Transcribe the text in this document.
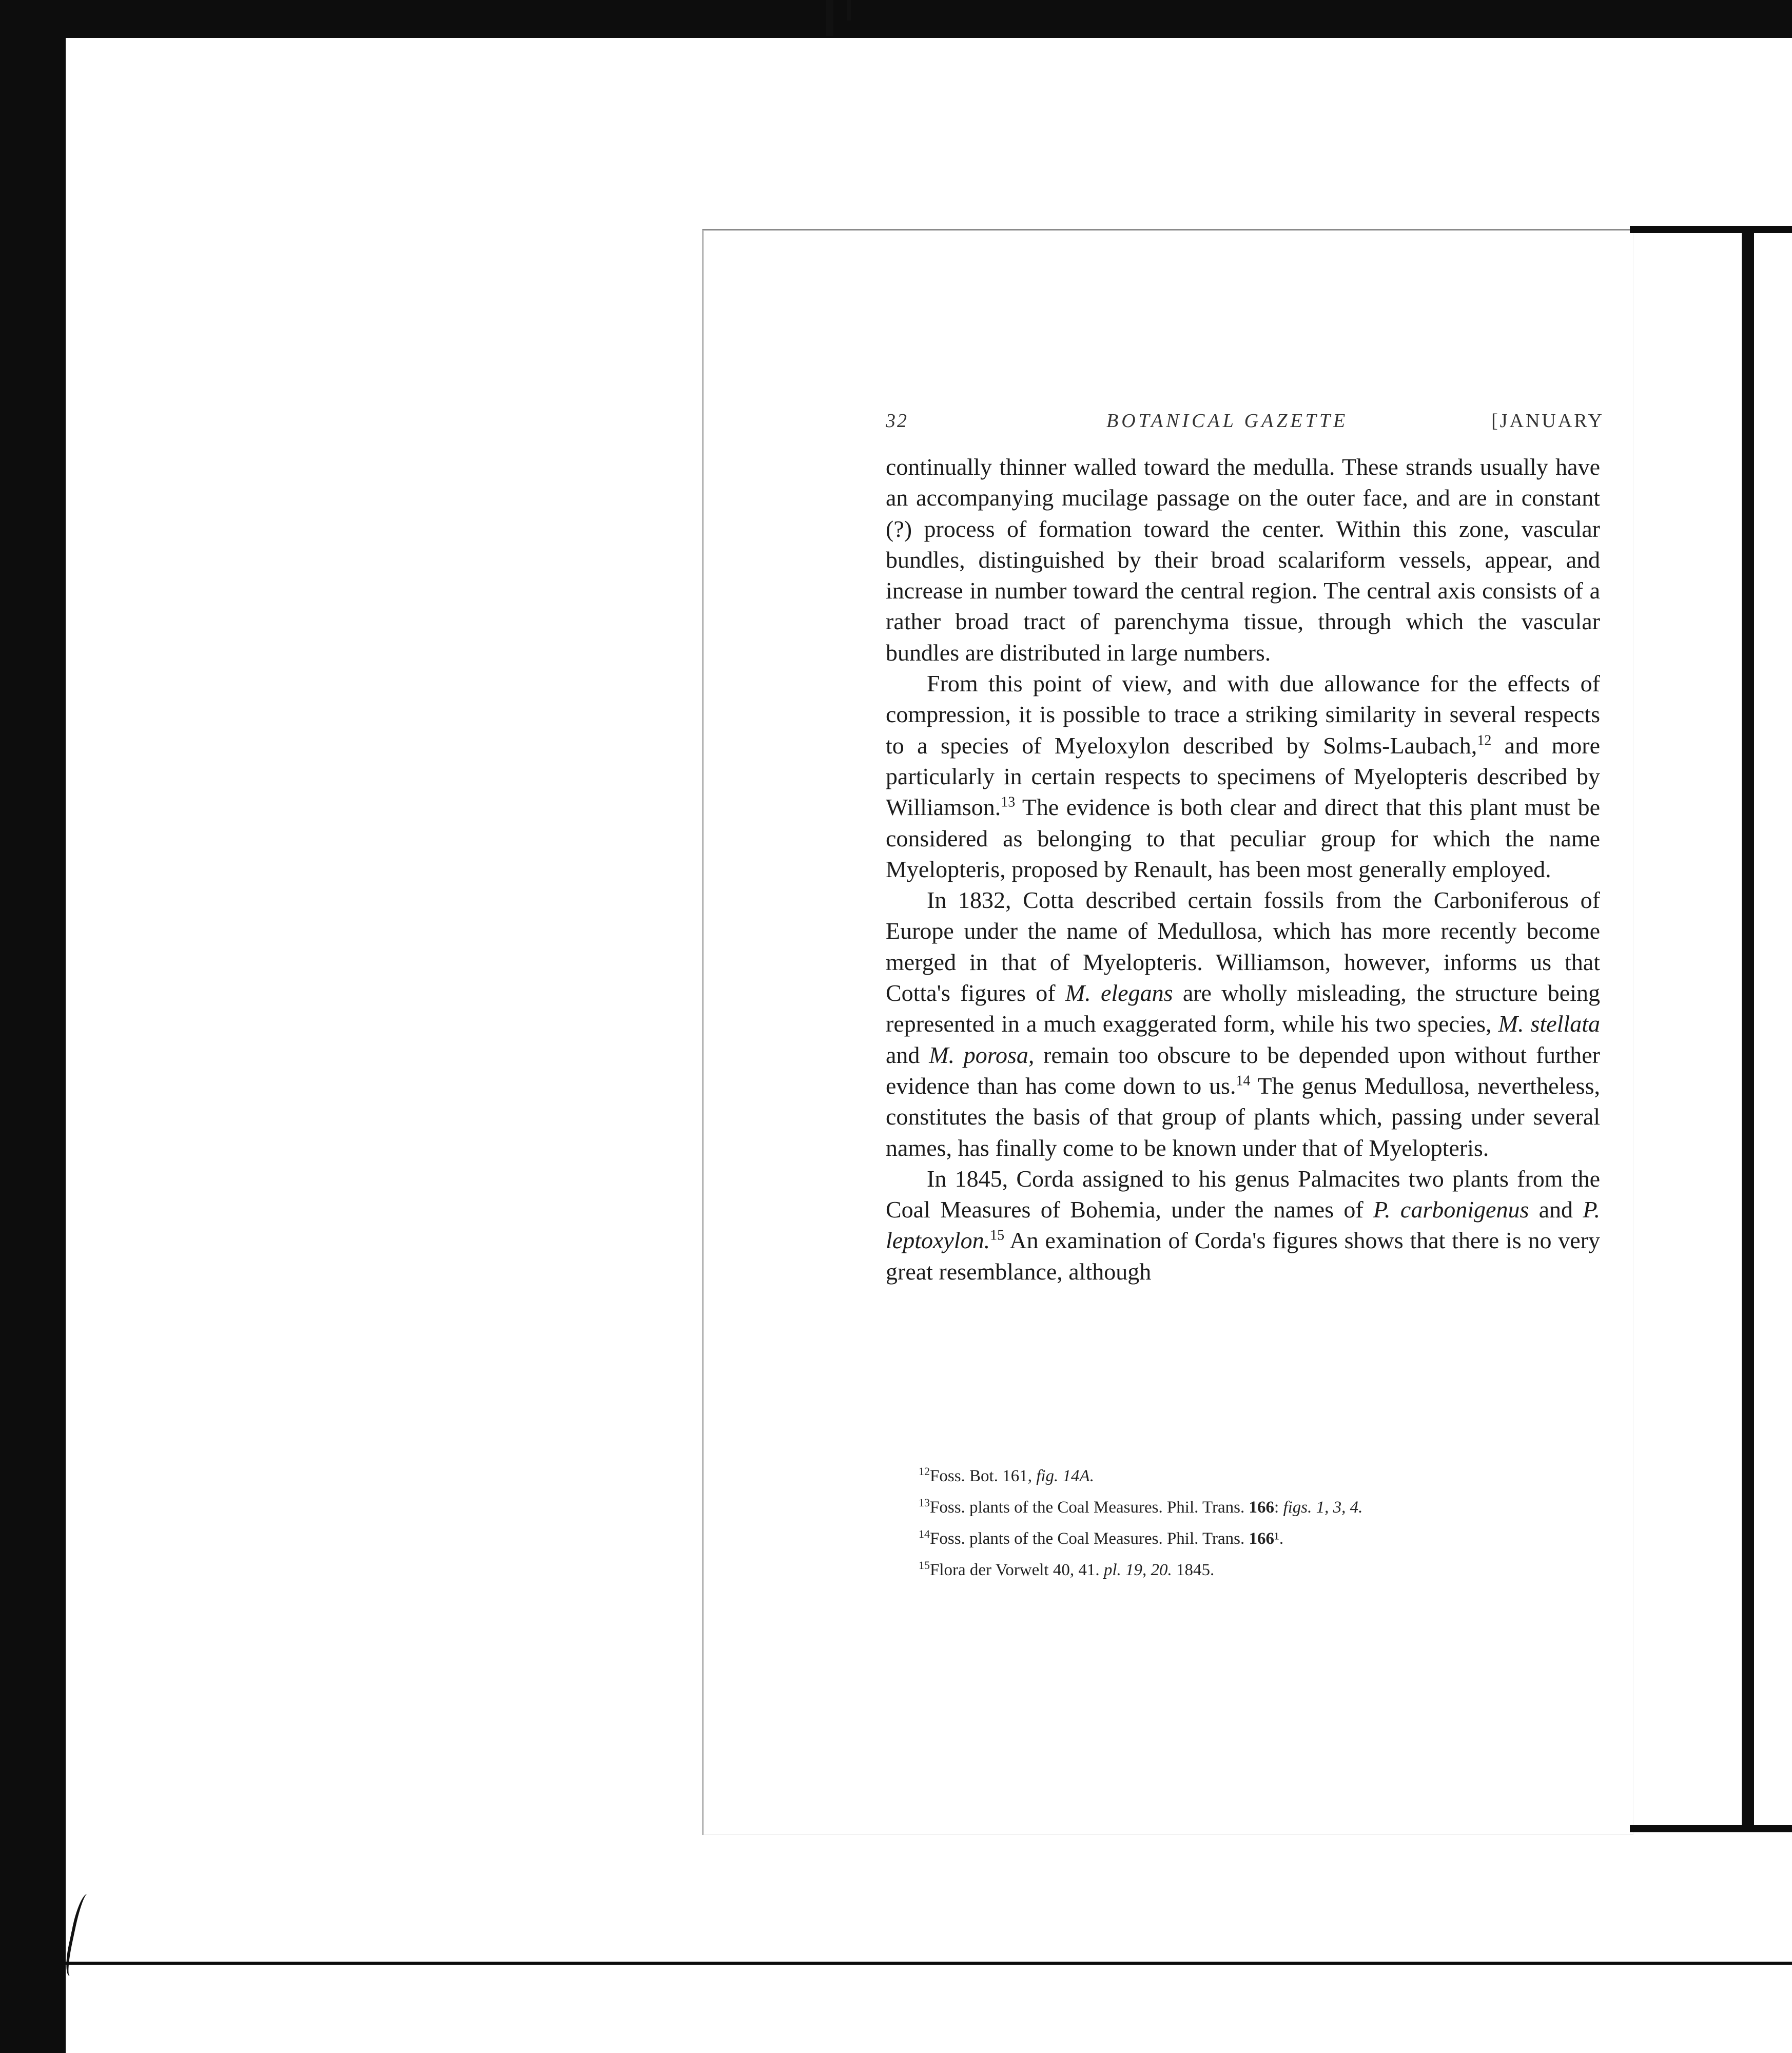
32	BOTANICAL GAZETTE	[JANUARY

continually thinner walled toward the medulla. These strands usually have an accompanying mucilage passage on the outer face, and are in constant (?) process of formation toward the center. Within this zone, vascular bundles, distinguished by their broad scalariform vessels, appear, and increase in number toward the central region. The central axis consists of a rather broad tract of parenchyma tissue, through which the vascular bundles are distributed in large numbers.

From this point of view, and with due allowance for the effects of compression, it is possible to trace a striking similarity in several respects to a species of Myeloxylon described by Solms-Laubach,$^{12}$ and more particularly in certain respects to specimens of Myelopteris described by Williamson.$^{13}$ The evidence is both clear and direct that this plant must be considered as belonging to that peculiar group for which the name Myelopteris, proposed by Renault, has been most generally employed.

In 1832, Cotta described certain fossils from the Carboniferous of Europe under the name of Medullosa, which has more recently become merged in that of Myelopteris. Williamson, however, informs us that Cotta's figures of M. elegans are wholly misleading, the structure being represented in a much exaggerated form, while his two species, M. stellata and M. porosa, remain too obscure to be depended upon without further evidence than has come down to us.$^{14}$ The genus Medullosa, nevertheless, constitutes the basis of that group of plants which, passing under several names, has finally come to be known under that of Myelopteris.

In 1845, Corda assigned to his genus Palmacites two plants from the Coal Measures of Bohemia, under the names of P. carbonigenus and P. leptoxylon.$^{15}$ An examination of Corda's figures shows that there is no very great resemblance, although

$^{12}$Foss. Bot. 161, fig. 14A.
$^{13}$Foss. plants of the Coal Measures. Phil. Trans. 166: figs. 1, 3, 4.
$^{14}$Foss. plants of the Coal Measures. Phil. Trans. 166¹.
$^{15}$Flora der Vorwelt 40, 41. pl. 19, 20. 1845.
